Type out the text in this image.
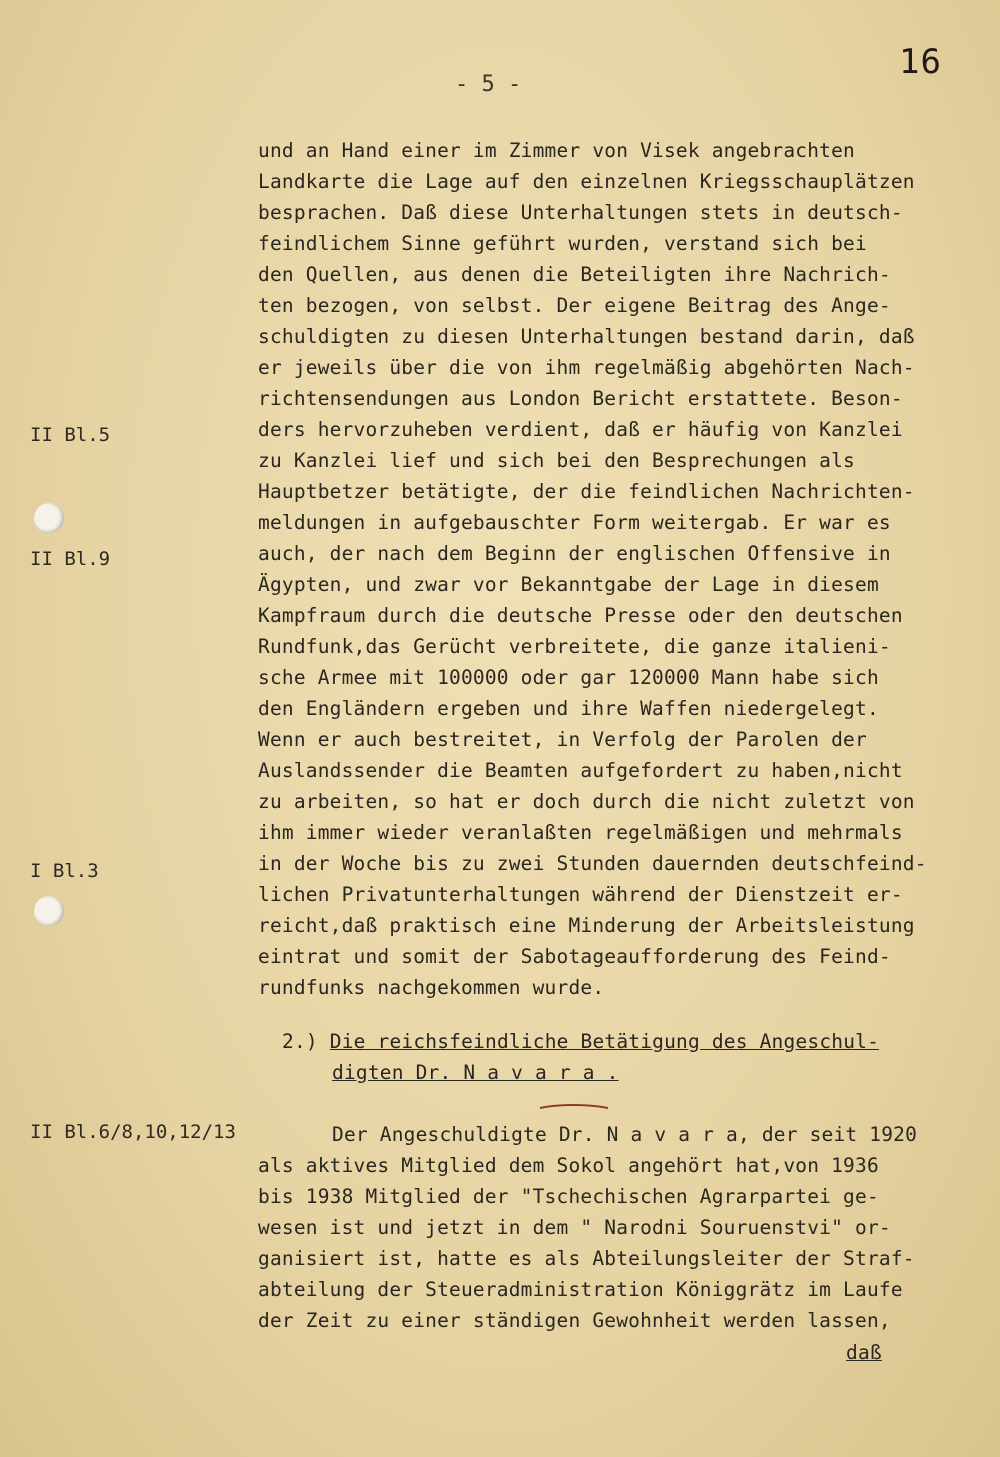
16
- 5 -
II Bl.5
II Bl.9
I Bl.3
II Bl.6/8,10,12/13
und an Hand einer im Zimmer von Visek angebrachten
Landkarte die Lage auf den einzelnen Kriegsschauplätzen
besprachen. Daß diese Unterhaltungen stets in deutsch-
feindlichem Sinne geführt wurden, verstand sich bei
den Quellen, aus denen die Beteiligten ihre Nachrich-
ten bezogen, von selbst. Der eigene Beitrag des Ange-
schuldigten zu diesen Unterhaltungen bestand darin, daß
er jeweils über die von ihm regelmäßig abgehörten Nach-
richtensendungen aus London Bericht erstattete. Beson-
ders hervorzuheben verdient, daß er häufig von Kanzlei
zu Kanzlei lief und sich bei den Besprechungen als
Hauptbetzer betätigte, der die feindlichen Nachrichten-
meldungen in aufgebauschter Form weitergab. Er war es
auch, der nach dem Beginn der englischen Offensive in
Ägypten, und zwar vor Bekanntgabe der Lage in diesem
Kampfraum durch die deutsche Presse oder den deutschen
Rundfunk,das Gerücht verbreitete, die ganze italieni-
sche Armee mit 100000 oder gar 120000 Mann habe sich
den Engländern ergeben und ihre Waffen niedergelegt.
Wenn er auch bestreitet, in Verfolg der Parolen der
Auslandssender die Beamten aufgefordert zu haben,nicht
zu arbeiten, so hat er doch durch die nicht zuletzt von
ihm immer wieder veranlaßten regelmäßigen und mehrmals
in der Woche bis zu zwei Stunden dauernden deutschfeind-
lichen Privatunterhaltungen während der Dienstzeit er-
reicht,daß praktisch eine Minderung der Arbeitsleistung
eintrat und somit der Sabotageaufforderung des Feind-
rundfunks nachgekommen wurde.
2.) Die reichsfeindliche Betätigung des Angeschul-
digten Dr. N a v a r a .
Der Angeschuldigte Dr. N a v a r a, der seit 1920
als aktives Mitglied dem Sokol angehört hat,von 1936
bis 1938 Mitglied der "Tschechischen Agrarpartei ge-
wesen ist und jetzt in dem " Narodni Souruenstvi" or-
ganisiert ist, hatte es als Abteilungsleiter der Straf-
abteilung der Steueradministration Königgrätz im Laufe
der Zeit zu einer ständigen Gewohnheit werden lassen,
daß
